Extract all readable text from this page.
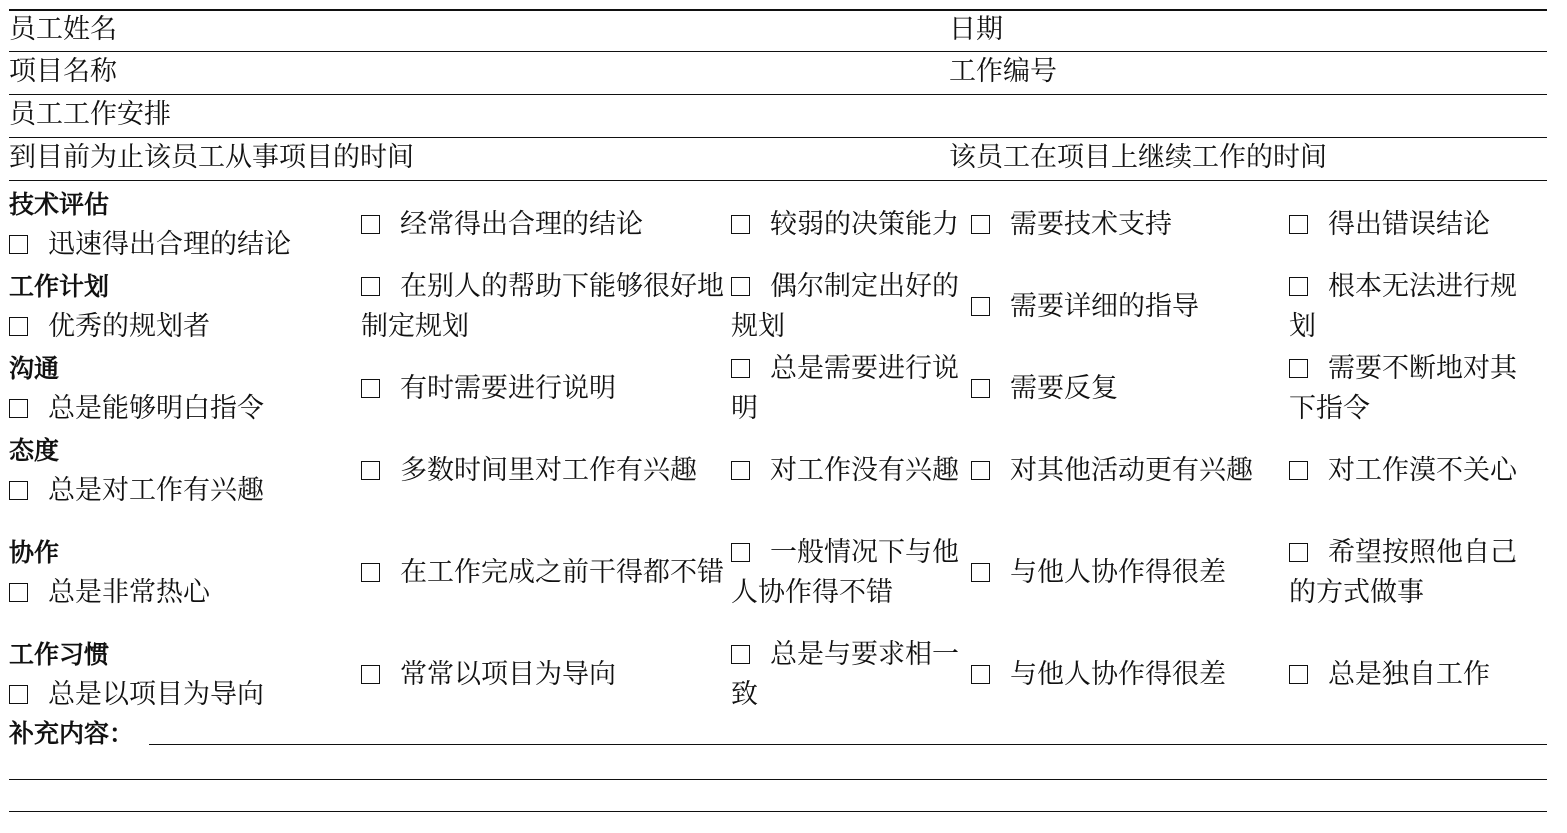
员工姓名	日期
项目名称	工作编号
员工工作安排
到目前为止该员工从事项目的时间	该员工在项目上继续工作的时间
技术评估
迅速得出合理的结论	经常得出合理的结论	较弱的决策能力	需要技术支持	得出错误结论

工作计划
优秀的规划者	在别人的帮助下能够很好地制定规划	偶尔制定出好的规划	需要详细的指导	根本无法进行规划

沟通
总是能够明白指令	有时需要进行说明	总是需要进行说明	需要反复	需要不断地对其下指令

态度
总是对工作有兴趣	多数时间里对工作有兴趣	对工作没有兴趣	对其他活动更有兴趣	对工作漠不关心

协作
总是非常热心	在工作完成之前干得都不错	一般情况下与他人协作得不错	与他人协作得很差	希望按照他自己的方式做事

工作习惯
总是以项目为导向	常常以项目为导向	总是与要求相一致	与他人协作得很差	总是独自工作
补充内容：
